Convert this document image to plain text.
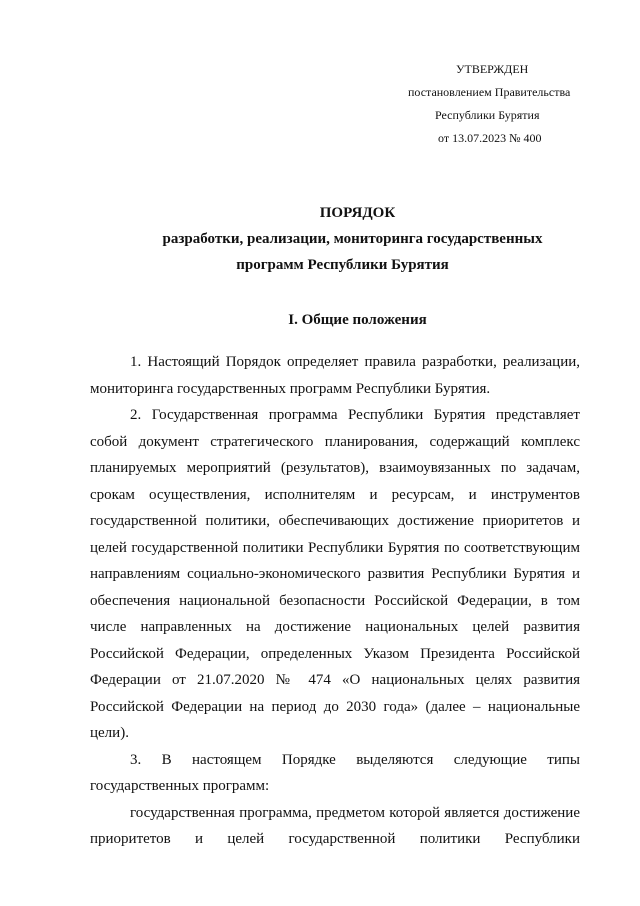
УТВЕРЖДЕН
постановлением Правительства
Республики Бурятия
от 13.07.2023 № 400
ПОРЯДОК
разработки, реализации, мониторинга государственных
программ Республики Бурятия
I. Общие положения

1. Настоящий Порядок определяет правила разработки, реализации, мониторинга государственных программ Республики Бурятия.

2. Государственная программа Республики Бурятия представляет собой документ стратегического планирования, содержащий комплекс планируемых мероприятий (результатов), взаимоувязанных по задачам, срокам осуществления, исполнителям и ресурсам, и инструментов государственной политики, обеспечивающих достижение приоритетов и целей государственной политики Республики Бурятия по соответствующим направлениям социально-экономического развития Республики Бурятия и обеспечения национальной безопасности Российской Федерации, в том числе направленных на достижение национальных целей развития Российской Федерации, определенных Указом Президента Российской Федерации от 21.07.2020 № 474 «О национальных целях развития Российской Федерации на период до 2030 года» (далее – национальные цели).

3. В настоящем Порядке выделяются следующие типы государственных программ:

государственная программа, предметом которой является достижение приоритетов и целей государственной политики Республики
